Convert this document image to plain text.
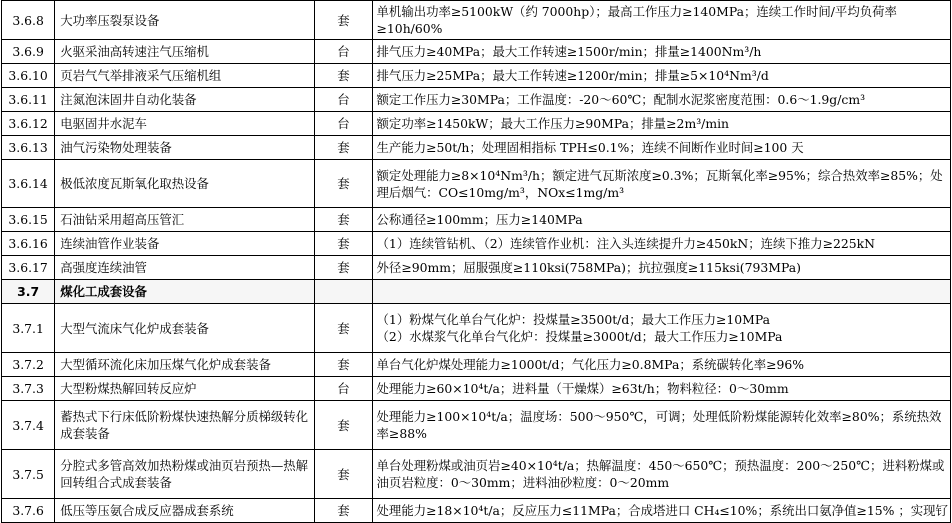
3.6.8	大功率压裂泵设备	套	单机输出功率≥5100kW（约 7000hp）；最高工作压力≥140MPa；连续工作时间/平均负荷率≥10h/60%

3.6.9	火驱采油高转速注气压缩机	台	排气压力≥40MPa；最大工作转速≥1500r/min；排量≥1400Nm³/h

3.6.10	页岩气气举排液采气压缩机组	套	排气压力≥25MPa；最大工作转速≥1200r/min；排量≥5×10⁴Nm³/d

3.6.11	注氮泡沫固井自动化装备	台	额定工作压力≥30MPa；工作温度：-20～60℃；配制水泥浆密度范围：0.6～1.9g/cm³

3.6.12	电驱固井水泥车	台	额定功率≥1450kW；最大工作压力≥90MPa；排量≥2m³/min

3.6.13	油气污染物处理装备	套	生产能力≥50t/h；处理固相指标 TPH≤0.1%；连续不间断作业时间≥100 天

3.6.14	极低浓度瓦斯氧化取热设备	套	额定处理能力≥8×10⁴Nm³/h；额定进气瓦斯浓度≥0.3%；瓦斯氧化率≥95%；综合热效率≥85%；处
理后烟气：CO≤10mg/m³，NOx≤1mg/m³

3.6.15	石油钻采用超高压管汇	套	公称通径≥100mm；压力≥140MPa

3.6.16	连续油管作业装备	套	（1）连续管钻机、（2）连续管作业机：注入头连续提升力≥450kN；连续下推力≥225kN

3.6.17	高强度连续油管	套	外径≥90mm；屈服强度≥110ksi(758MPa)；抗拉强度≥115ksi(793MPa)

3.7	煤化工成套设备		
3.7.1	大型气流床气化炉成套装备	套	（1）粉煤气化单台气化炉：投煤量≥3500t/d；最大工作压力≥10MPa
（2）水煤浆气化单台气化炉：投煤量≥3000t/d；最大工作压力≥10MPa

3.7.2	大型循环流化床加压煤气化炉成套装备	套	单台气化炉煤处理能力≥1000t/d；气化压力≥0.8MPa；系统碳转化率≥96%

3.7.3	大型粉煤热解回转反应炉	台	处理能力≥60×10⁴t/a；进料量（干燥煤）≥63t/h；物料粒径：0～30mm

3.7.4	蓄热式下行床低阶粉煤快速热解分质梯级转化成套装备	套	处理能力≥100×10⁴t/a；温度场：500～950℃，可调；处理低阶粉煤能源转化效率≥80%；系统热效
率≥88%

3.7.5	分腔式多管高效加热粉煤或油页岩预热—热解回转组合式成套装备	套	单台处理粉煤或油页岩≥40×10⁴t/a；热解温度：450～650℃；预热温度：200～250℃；进料粉煤或
油页岩粒度：0～30mm；进料油砂粒度：0～20mm

3.7.6	低压等压氨合成反应器成套系统	套	处理能力≥18×10⁴t/a；反应压力≤11MPa；合成塔进口 CH₄≤10%；系统出口氨净值≥15% ；实现钌
